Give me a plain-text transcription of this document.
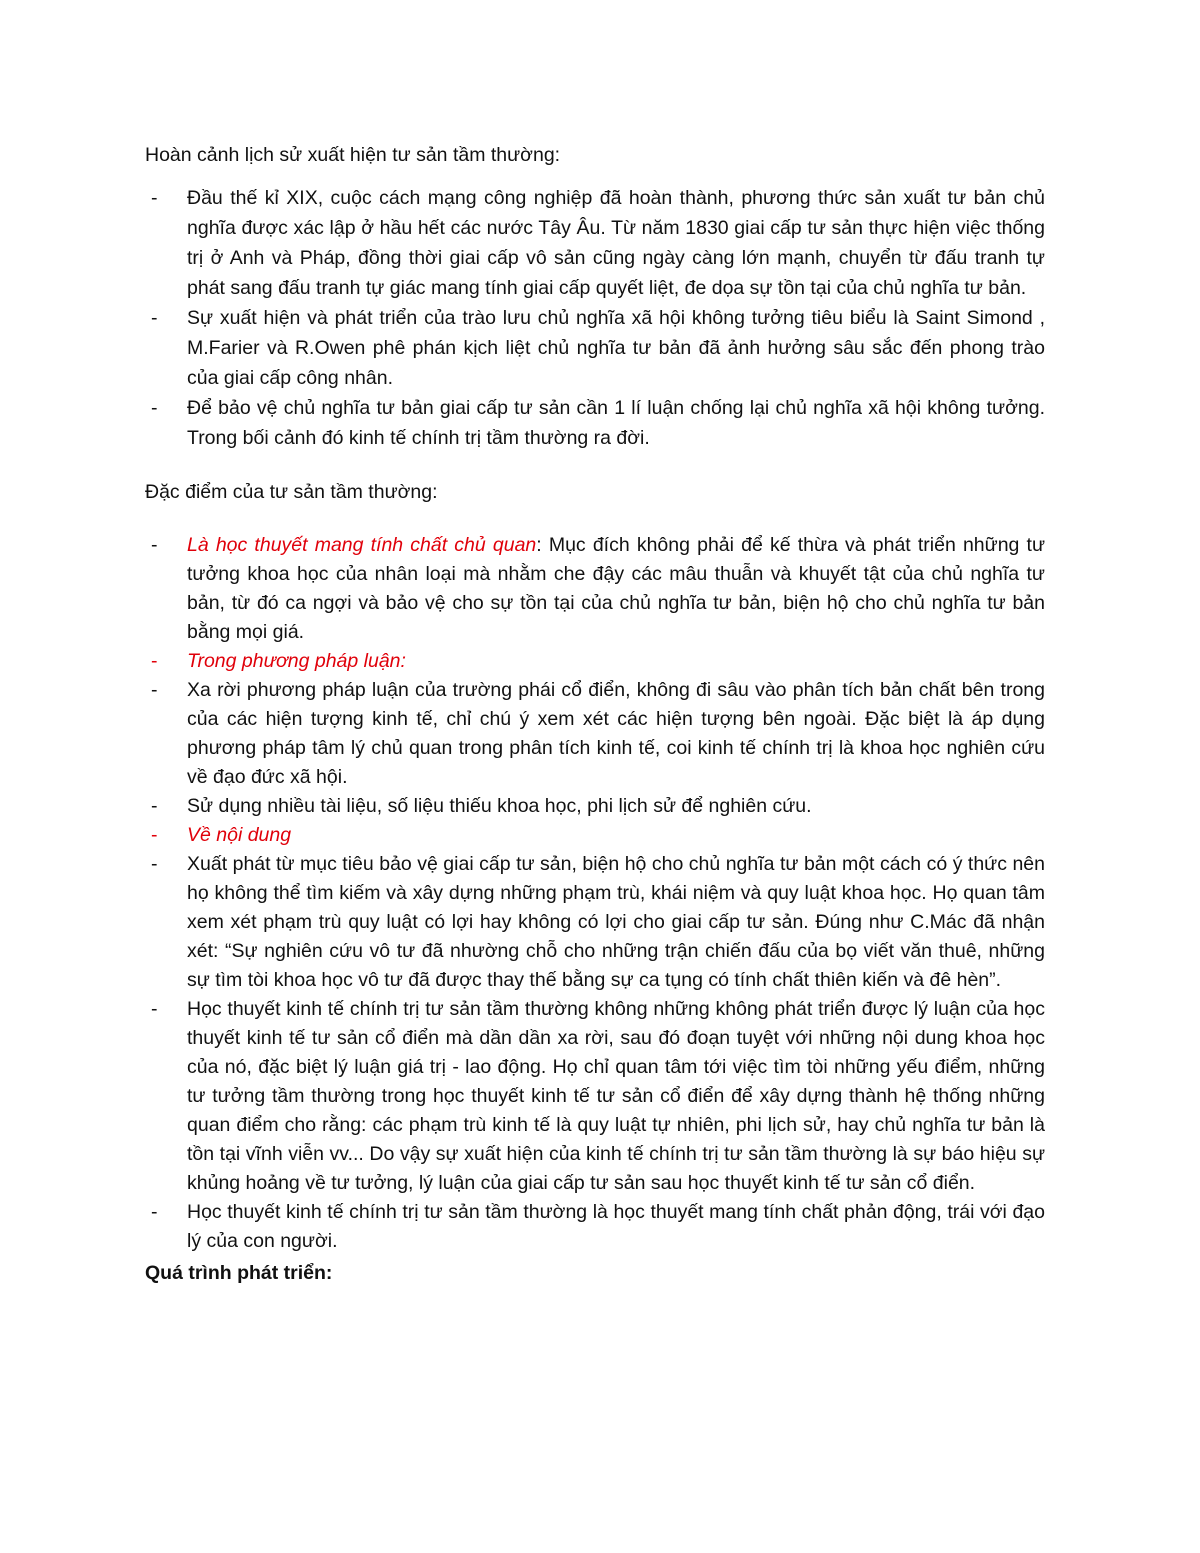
Hoàn cảnh lịch sử xuất hiện tư sản tầm thường:

- Đầu thế kỉ XIX, cuộc cách mạng công nghiệp đã hoàn thành, phương thức sản xuất tư bản chủ nghĩa được xác lập ở hầu hết các nước Tây Âu. Từ năm 1830 giai cấp tư sản thực hiện việc thống trị ở Anh và Pháp, đồng thời giai cấp vô sản cũng ngày càng lớn mạnh, chuyển từ đấu tranh tự phát sang đấu tranh tự giác mang tính giai cấp quyết liệt, đe dọa sự tồn tại của chủ nghĩa tư bản.
- Sự xuất hiện và phát triển của trào lưu chủ nghĩa xã hội không tưởng tiêu biểu là Saint Simond , M.Farier và R.Owen phê phán kịch liệt chủ nghĩa tư bản đã ảnh hưởng sâu sắc đến phong trào của giai cấp công nhân.
- Để bảo vệ chủ nghĩa tư bản giai cấp tư sản cần 1 lí luận chống lại chủ nghĩa xã hội không tưởng. Trong bối cảnh đó kinh tế chính trị tầm thường ra đời.

Đặc điểm của tư sản tầm thường:

- Là học thuyết mang tính chất chủ quan: Mục đích không phải để kế thừa và phát triển những tư tưởng khoa học của nhân loại mà nhằm che đậy các mâu thuẫn và khuyết tật của chủ nghĩa tư bản, từ đó ca ngợi và bảo vệ cho sự tồn tại của chủ nghĩa tư bản, biện hộ cho chủ nghĩa tư bản bằng mọi giá.
- Trong phương pháp luận:
- Xa rời phương pháp luận của trường phái cổ điển, không đi sâu vào phân tích bản chất bên trong của các hiện tượng kinh tế, chỉ chú ý xem xét các hiện tượng bên ngoài. Đặc biệt là áp dụng phương pháp tâm lý chủ quan trong phân tích kinh tế, coi kinh tế chính trị là khoa học nghiên cứu về đạo đức xã hội.
- Sử dụng nhiều tài liệu, số liệu thiếu khoa học, phi lịch sử để nghiên cứu.
- Về nội dung
- Xuất phát từ mục tiêu bảo vệ giai cấp tư sản, biện hộ cho chủ nghĩa tư bản một cách có ý thức nên họ không thể tìm kiếm và xây dựng những phạm trù, khái niệm và quy luật khoa học. Họ quan tâm xem xét phạm trù quy luật có lợi hay không có lợi cho giai cấp tư sản. Đúng như C.Mác đã nhận xét: “Sự nghiên cứu vô tư đã nhường chỗ cho những trận chiến đấu của bọ viết văn thuê, những sự tìm tòi khoa học vô tư đã được thay thế bằng sự ca tụng có tính chất thiên kiến và đê hèn”.
- Học thuyết kinh tế chính trị tư sản tầm thường không những không phát triển được lý luận của học thuyết kinh tế tư sản cổ điển mà dần dần xa rời, sau đó đoạn tuyệt với những nội dung khoa học của nó, đặc biệt lý luận giá trị - lao động. Họ chỉ quan tâm tới việc tìm tòi những yếu điểm, những tư tưởng tầm thường trong học thuyết kinh tế tư sản cổ điển để xây dựng thành hệ thống những quan điểm cho rằng: các phạm trù kinh tế là quy luật tự nhiên, phi lịch sử, hay chủ nghĩa tư bản là tồn tại vĩnh viễn vv... Do vậy sự xuất hiện của kinh tế chính trị tư sản tầm thường là sự báo hiệu sự khủng hoảng về tư tưởng, lý luận của giai cấp tư sản sau học thuyết kinh tế tư sản cổ điển.
- Học thuyết kinh tế chính trị tư sản tầm thường là học thuyết mang tính chất phản động, trái với đạo lý của con người.

Quá trình phát triển:
